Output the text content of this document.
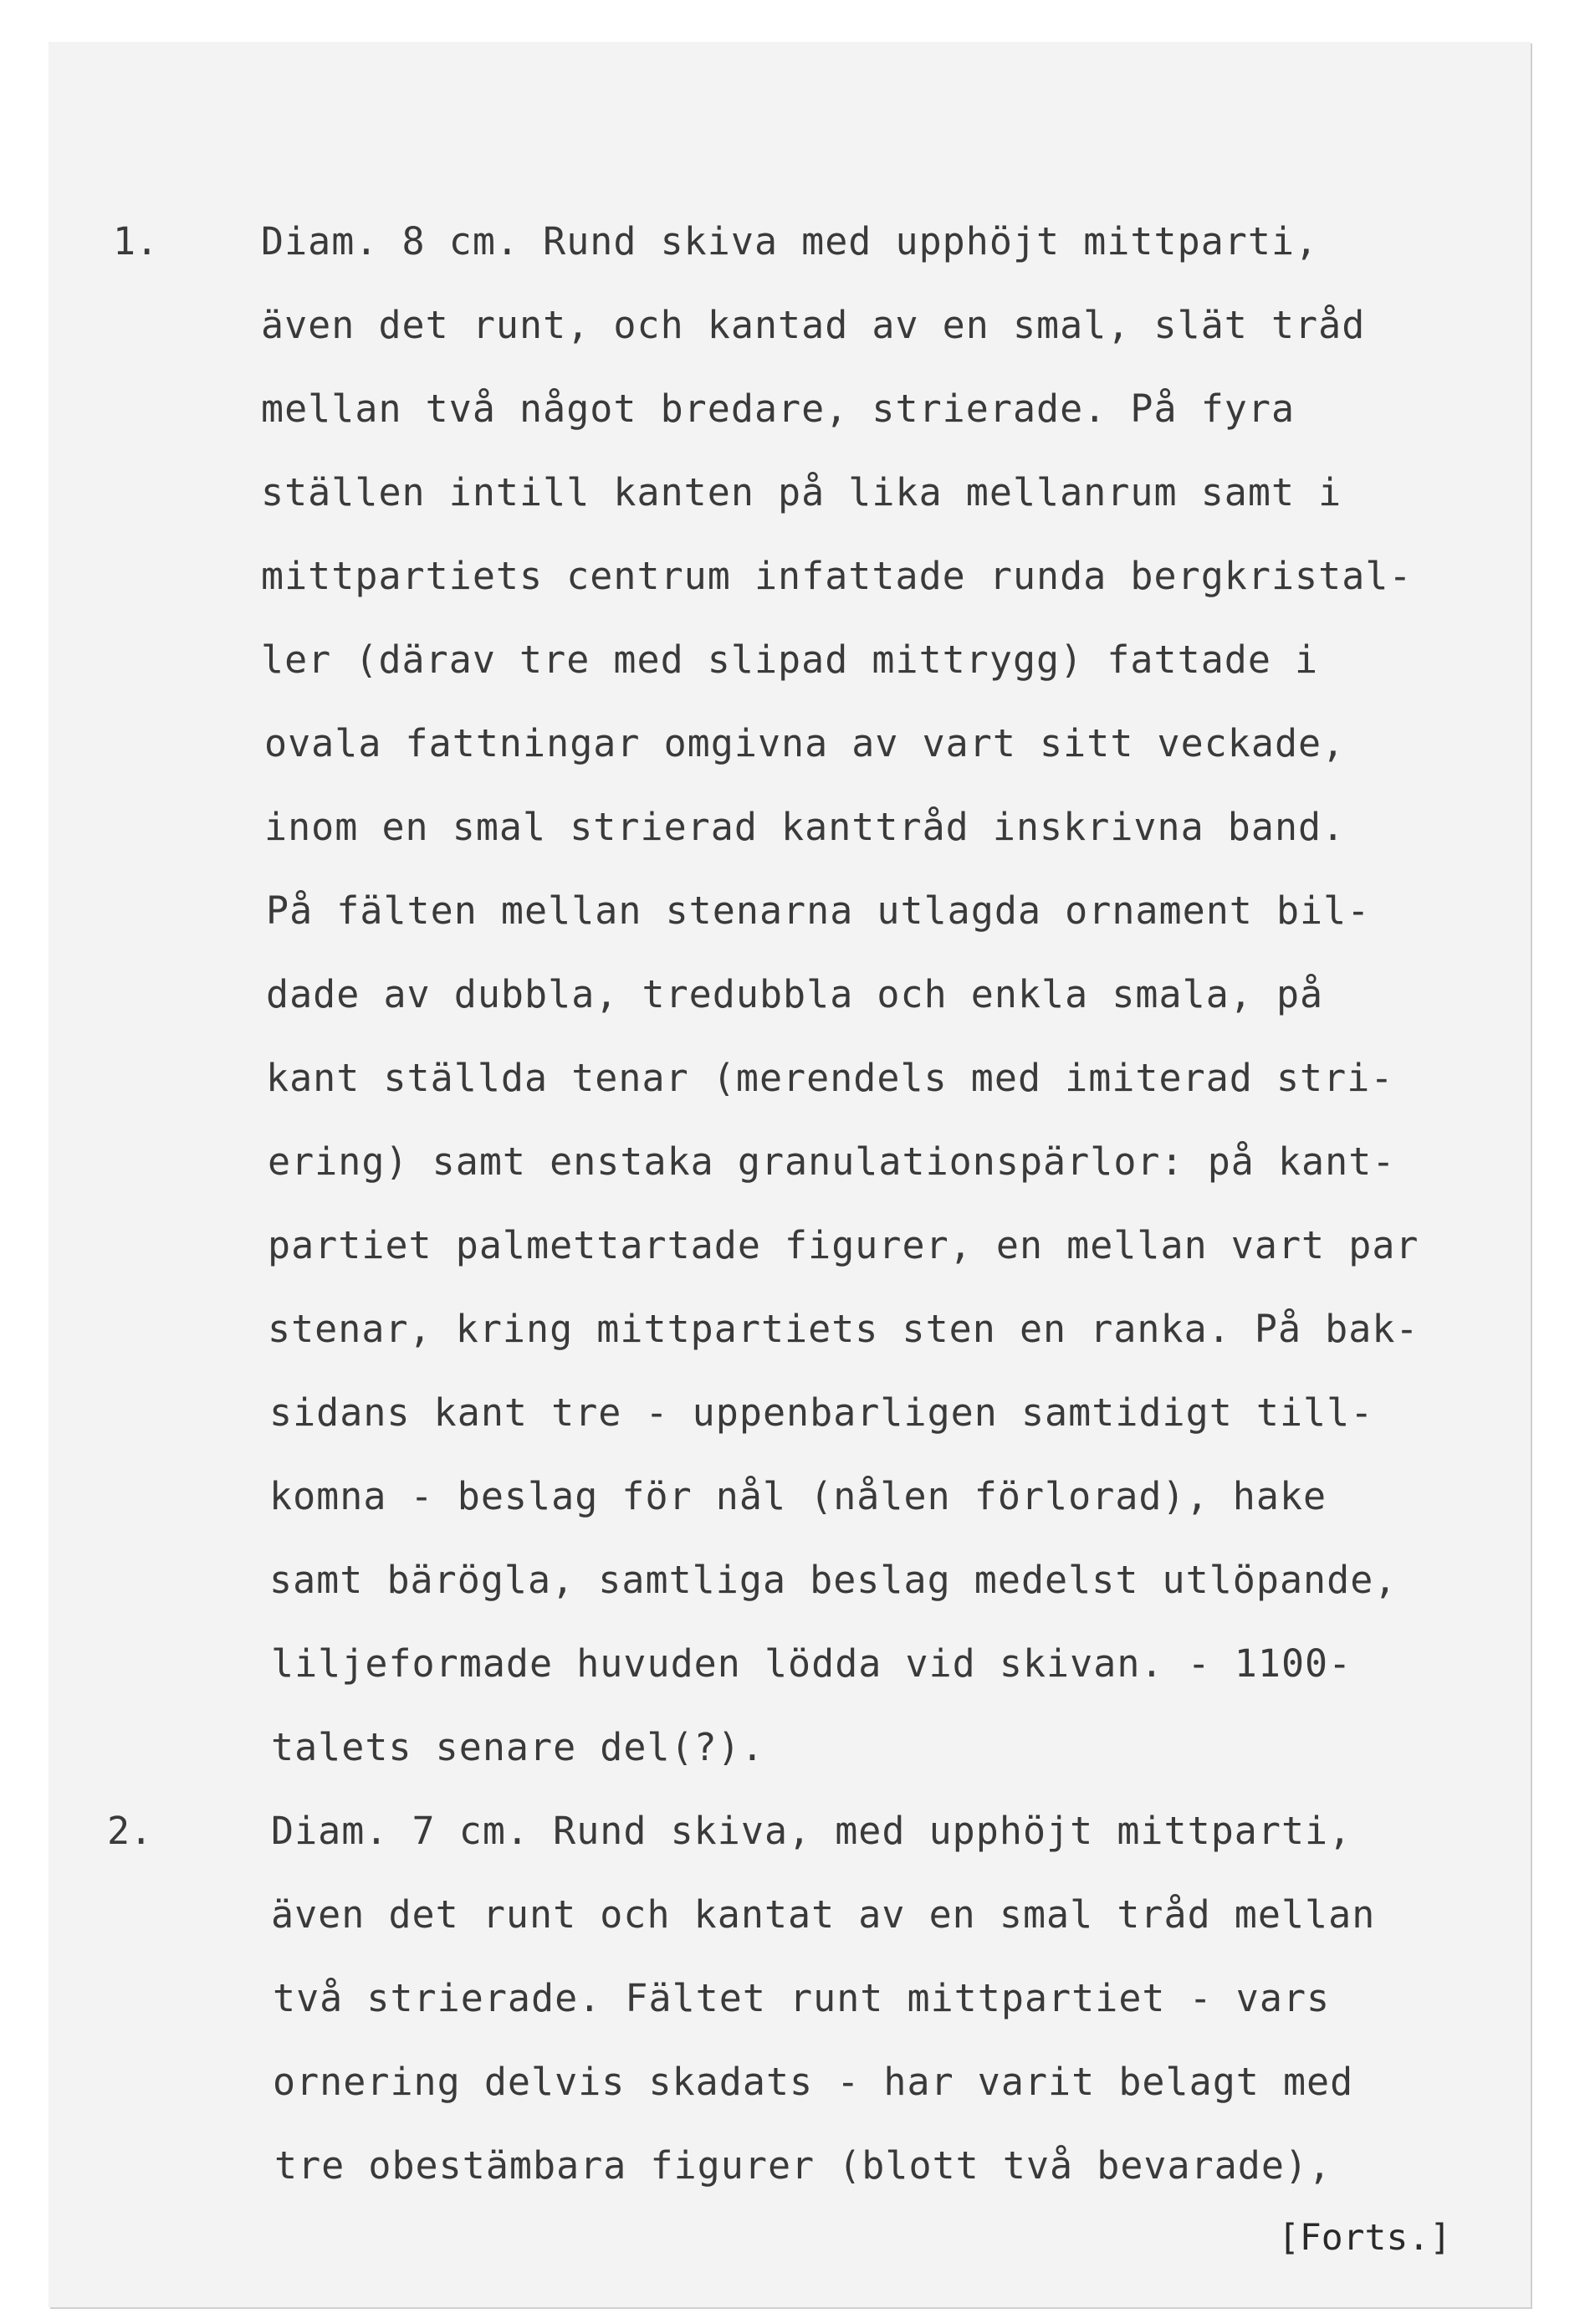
1.	Diam. 8 cm. Rund skiva med upphöjt mittparti,
även det runt, och kantad av en smal, slät tråd
mellan två något bredare, strierade. På fyra
ställen intill kanten på lika mellanrum samt i
mittpartiets centrum infattade runda bergkristal-
ler (därav tre med slipad mittrygg) fattade i
ovala fattningar omgivna av vart sitt veckade,
inom en smal strierad kanttråd inskrivna band.
På fälten mellan stenarna utlagda ornament bil-
dade av dubbla, tredubbla och enkla smala, på
kant ställda tenar (merendels med imiterad stri-
ering) samt enstaka granulationspärlor: på kant-
partiet palmettartade figurer, en mellan vart par
stenar, kring mittpartiets sten en ranka. På bak-
sidans kant tre - uppenbarligen samtidigt till-
komna - beslag för nål (nålen förlorad), hake
samt bärögla, samtliga beslag medelst utlöpande,
liljeformade huvuden lödda vid skivan. - 1100-
talets senare del(?).
2.	Diam. 7 cm. Rund skiva, med upphöjt mittparti,
även det runt och kantat av en smal tråd mellan
två strierade. Fältet runt mittpartiet - vars
ornering delvis skadats - har varit belagt med
tre obestämbara figurer (blott två bevarade),
[Forts.]
